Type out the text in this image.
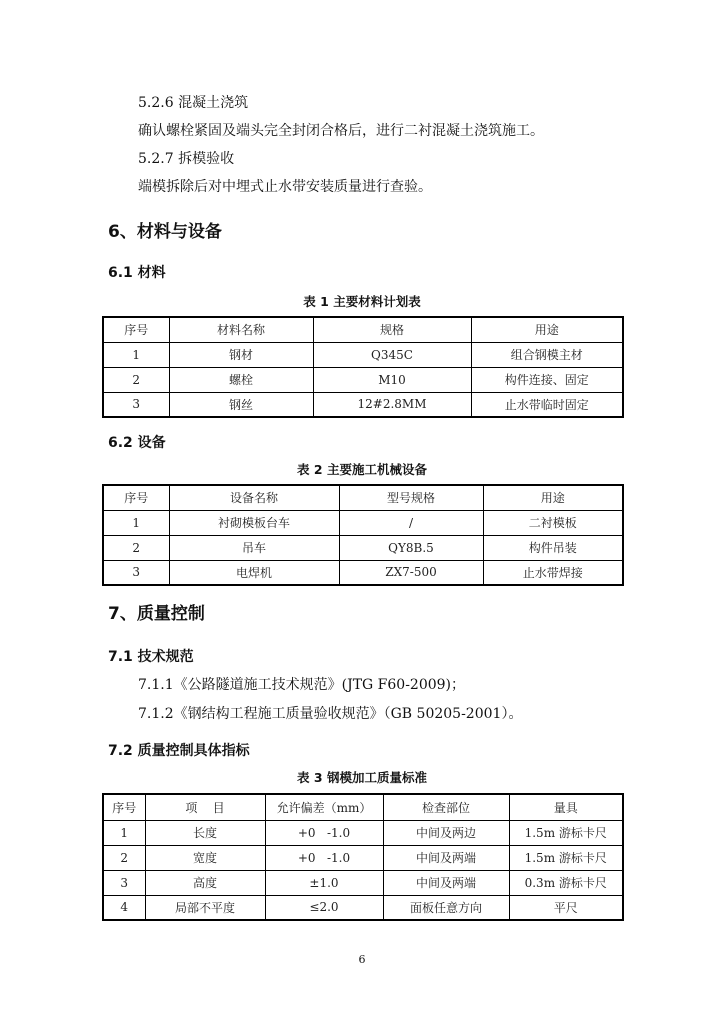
5.2.6 混凝土浇筑
确认螺栓紧固及端头完全封闭合格后，进行二衬混凝土浇筑施工。
5.2.7 拆模验收
端模拆除后对中埋式止水带安装质量进行查验。
6、材料与设备
6.1 材料
表 1 主要材料计划表
序号	材料名称	规格	用途
1	钢材	Q345C	组合钢模主材
2	螺栓	M10	构件连接、固定
3	钢丝	12#2.8MM	止水带临时固定
6.2 设备
表 2 主要施工机械设备
序号	设备名称	型号规格	用途
1	衬砌模板台车	/	二衬模板
2	吊车	QY8B.5	构件吊装
3	电焊机	ZX7-500	止水带焊接
7、质量控制
7.1 技术规范
7.1.1《公路隧道施工技术规范》(JTG F60-2009)；
7.1.2《钢结构工程施工质量验收规范》（GB 50205-2001）。
7.2 质量控制具体指标
表 3 钢模加工质量标准
序号	项    目	允许偏差（mm）	检查部位	量具
1	长度	+0   -1.0	中间及两边	1.5m 游标卡尺
2	宽度	+0   -1.0	中间及两端	1.5m 游标卡尺
3	高度	±1.0	中间及两端	0.3m 游标卡尺
4	局部不平度	≤2.0	面板任意方向	平尺
6
